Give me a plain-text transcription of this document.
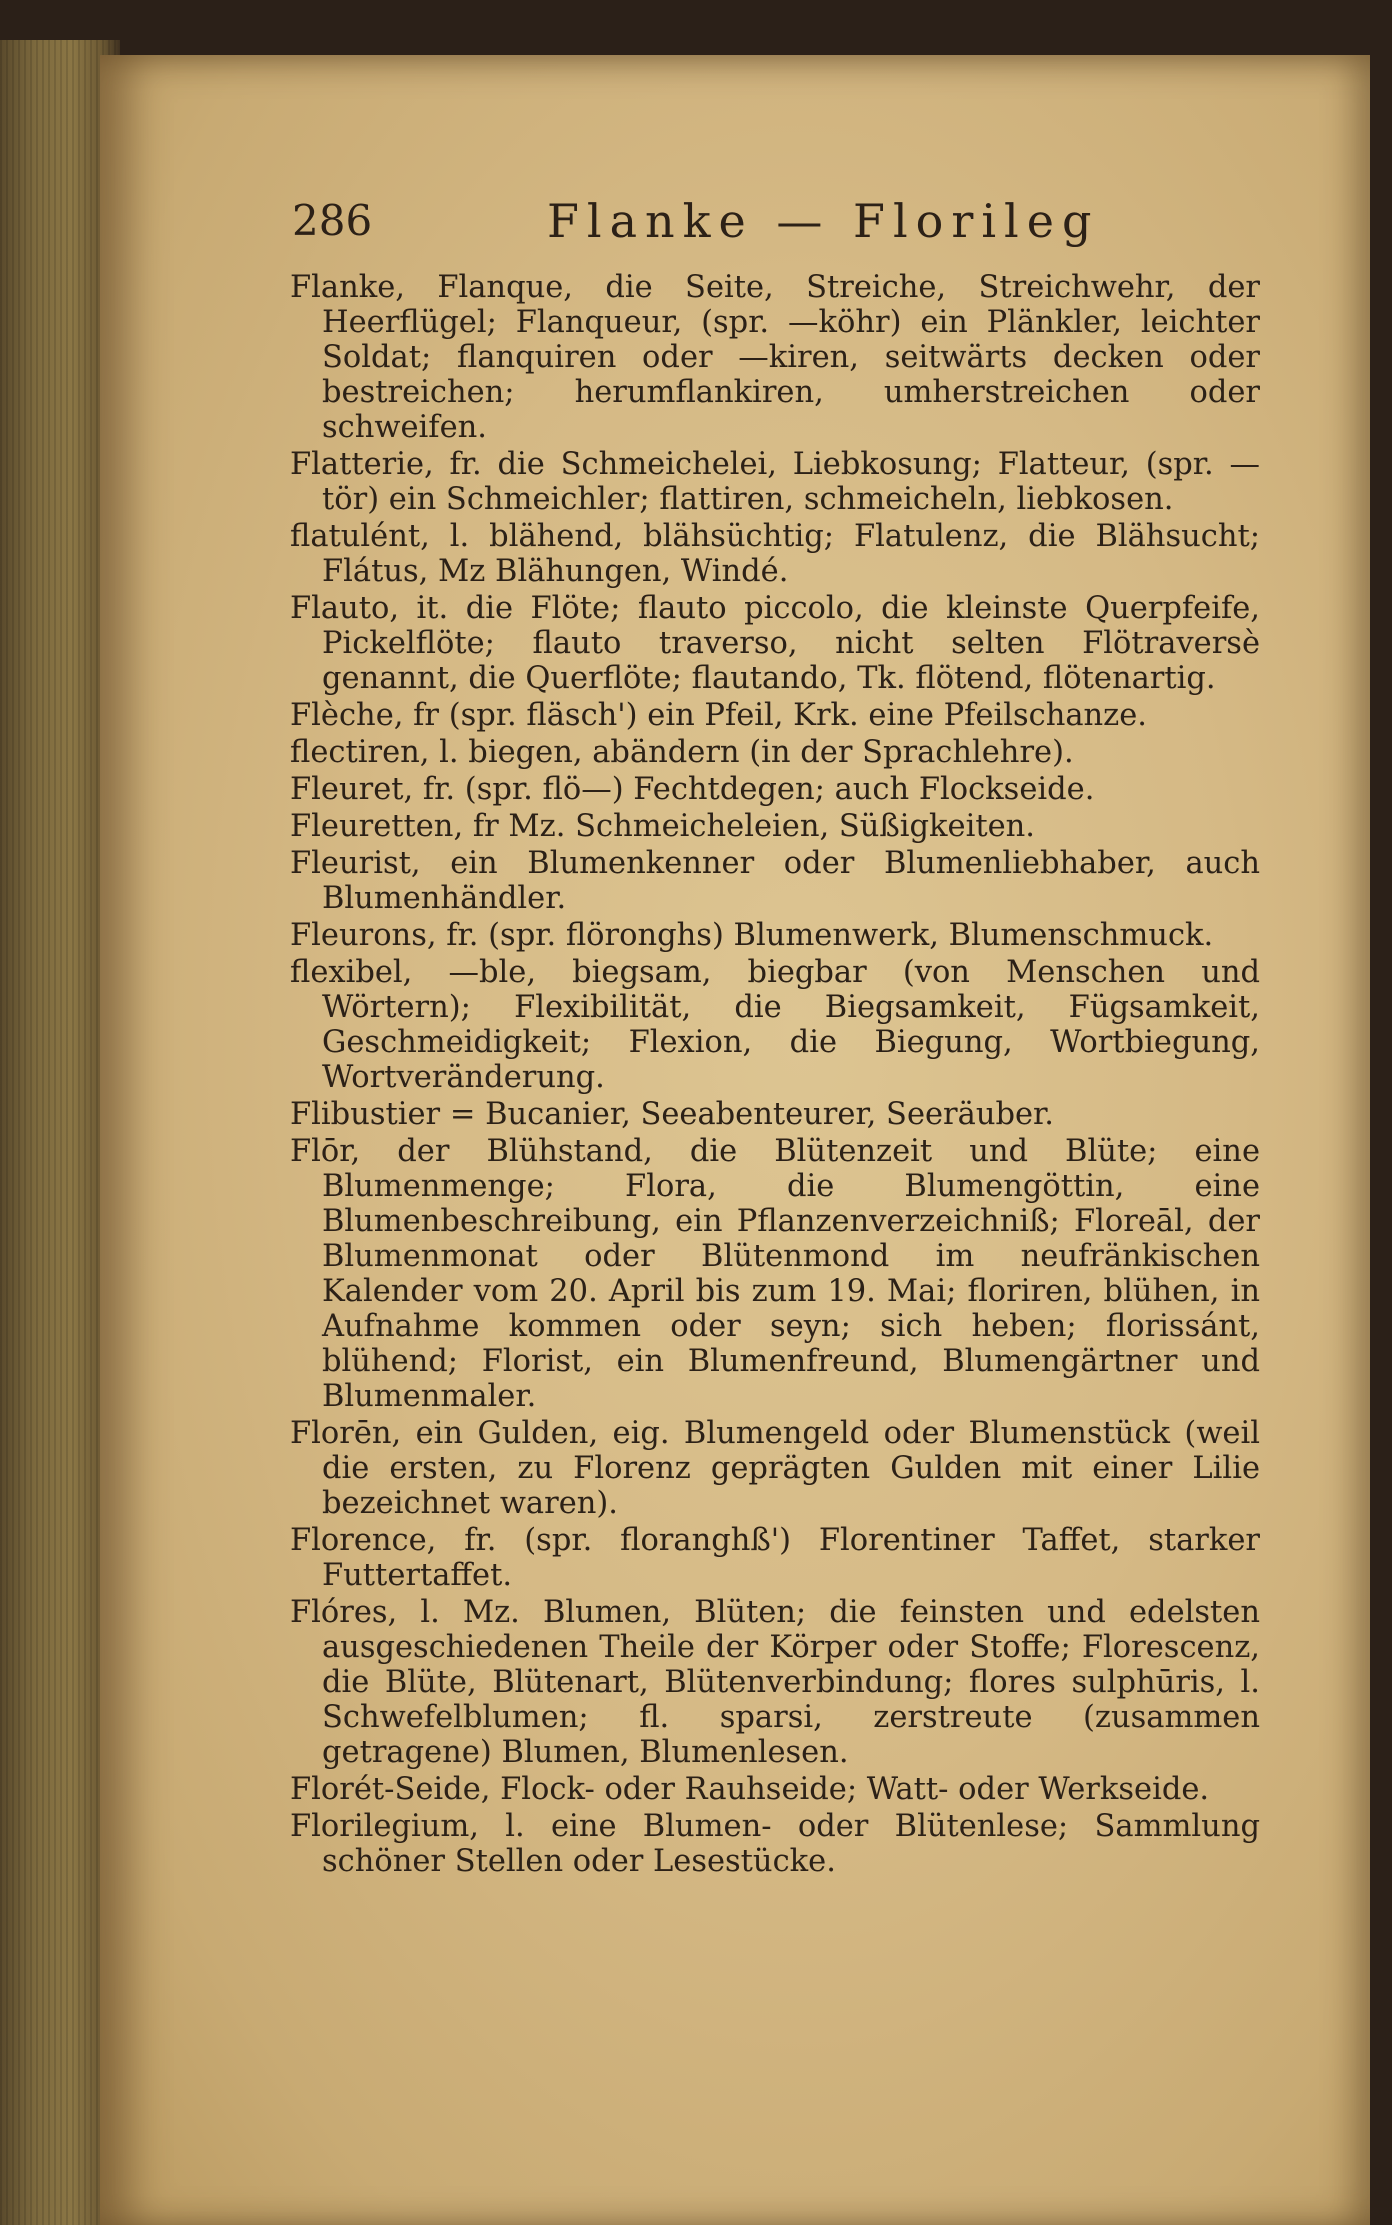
286	Flanke — Florileg

Flanke, Flanque, die Seite, Streiche, Streichwehr, der Heerflügel; Flanqueur, (spr. —köhr) ein Plänkler, leichter Soldat; flanquiren oder —kiren, seitwärts decken oder bestreichen; herumflankiren, umherstreichen oder schweifen.

Flatterie, fr. die Schmeichelei, Liebkosung; Flatteur, (spr. —tör) ein Schmeichler; flattiren, schmeicheln, liebkosen.

flatulént, l. blähend, blähsüchtig; Flatulenz, die Blähsucht; Flátus, Mz Blähungen, Windé.

Flauto, it. die Flöte; flauto piccolo, die kleinste Querpfeife, Pickelflöte; flauto traverso, nicht selten Flötraversè genannt, die Querflöte; flautando, Tk. flötend, flötenartig.

Flèche, fr (spr. fläsch') ein Pfeil, Krk. eine Pfeilschanze.

flectiren, l. biegen, abändern (in der Sprachlehre).

Fleuret, fr. (spr. flö—) Fechtdegen; auch Flockseide.

Fleuretten, fr Mz. Schmeicheleien, Süßigkeiten.

Fleurist, ein Blumenkenner oder Blumenliebhaber, auch Blumenhändler.

Fleurons, fr. (spr. flöronghs) Blumenwerk, Blumenschmuck.

flexibel, —ble, biegsam, biegbar (von Menschen und Wörtern); Flexibilität, die Biegsamkeit, Fügsamkeit, Geschmeidigkeit; Flexion, die Biegung, Wortbiegung, Wortveränderung.

Flibustier = Bucanier, Seeabenteurer, Seeräuber.

Flōr, der Blühstand, die Blütenzeit und Blüte; eine Blumenmenge; Flora, die Blumengöttin, eine Blumenbeschreibung, ein Pflanzenverzeichniß; Floreāl, der Blumenmonat oder Blütenmond im neufränkischen Kalender vom 20. April bis zum 19. Mai; floriren, blühen, in Aufnahme kommen oder seyn; sich heben; florissánt, blühend; Florist, ein Blumenfreund, Blumengärtner und Blumenmaler.

Florēn, ein Gulden, eig. Blumengeld oder Blumenstück (weil die ersten, zu Florenz geprägten Gulden mit einer Lilie bezeichnet waren).

Florence, fr. (spr. floranghß') Florentiner Taffet, starker Futtertaffet.

Flóres, l. Mz. Blumen, Blüten; die feinsten und edelsten ausgeschiedenen Theile der Körper oder Stoffe; Florescenz, die Blüte, Blütenart, Blütenverbindung; flores sulphūris, l. Schwefelblumen; fl. sparsi, zerstreute (zusammen getragene) Blumen, Blumenlesen.

Florét-Seide, Flock- oder Rauhseide; Watt- oder Werkseide.

Florilegium, l. eine Blumen- oder Blütenlese; Sammlung schöner Stellen oder Lesestücke.
